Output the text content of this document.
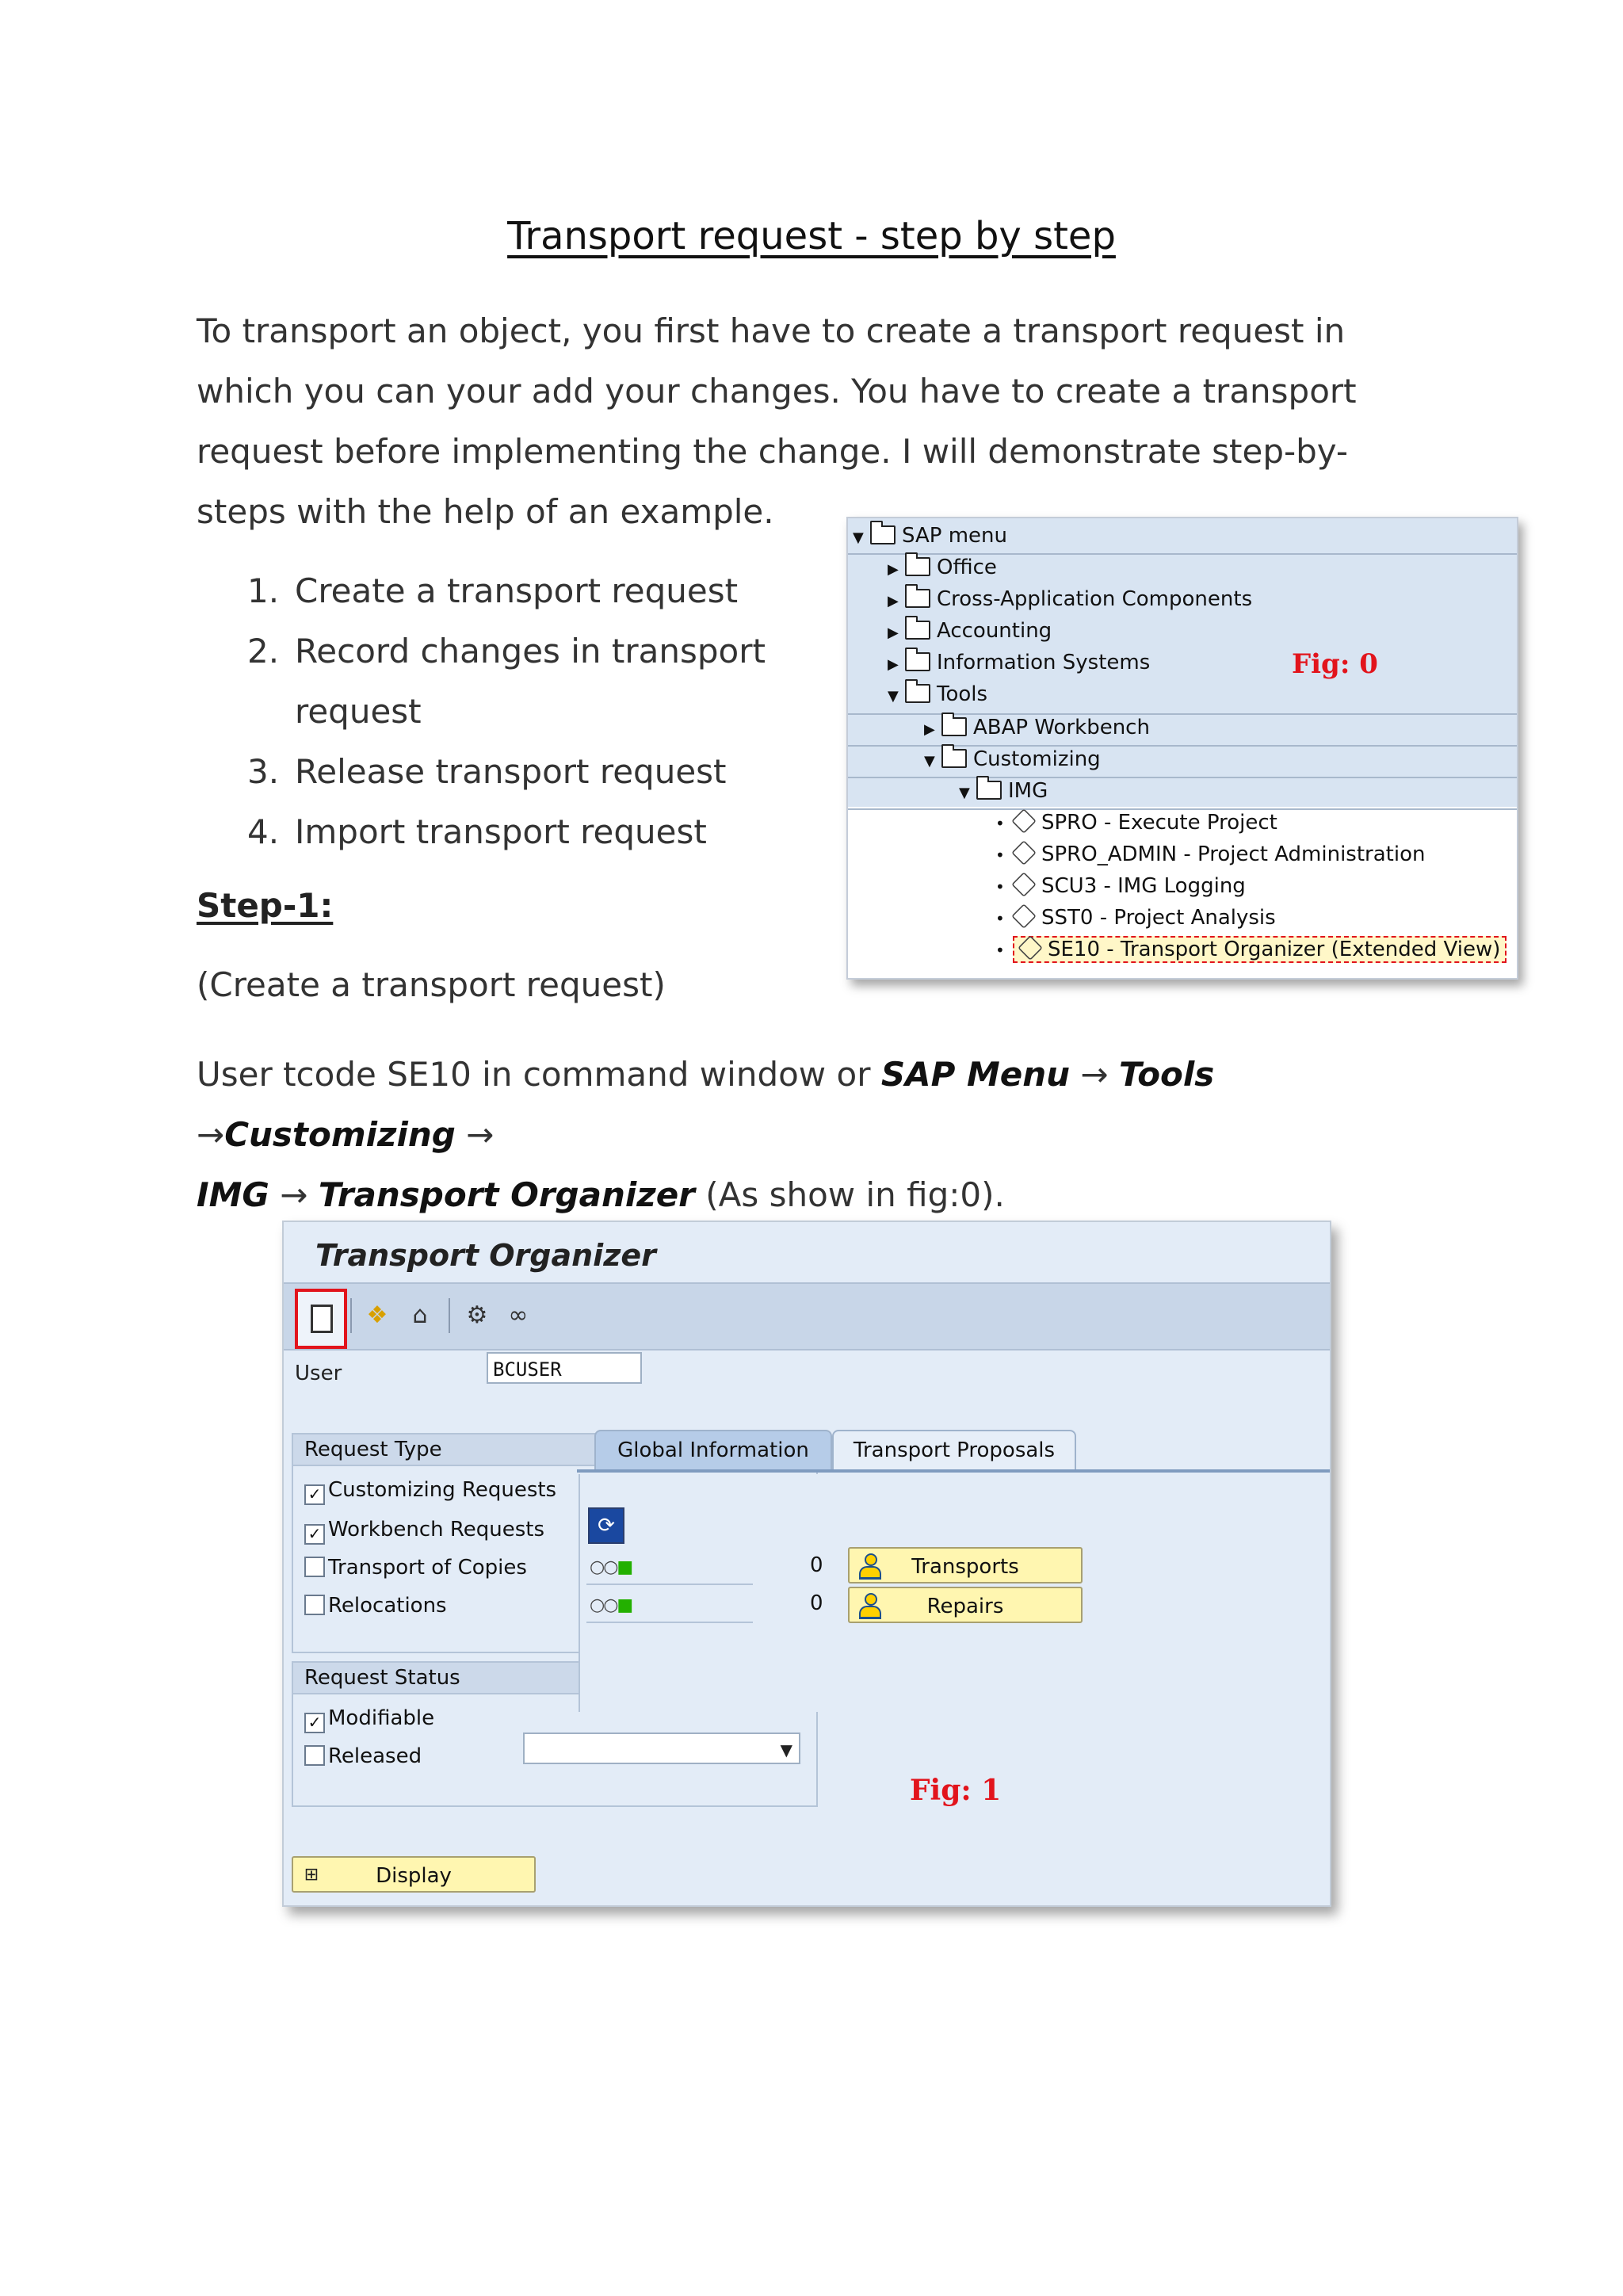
Transport request - step by step
To transport an object, you first have to create a transport request in which you can your add your changes. You have to create a transport request before implementing the change. I will demonstrate step-by-steps with the help of an example.
1. Create a transport request
2. Record changes in transport request
3. Release transport request
4. Import transport request
Step-1:
(Create a transport request)
User tcode SE10 in command window or SAP Menu → Tools →Customizing →
IMG → Transport Organizer (As show in fig:0).
▼ SAP menu
▶ Office
▶ Cross-Application Components
▶ Accounting
▶ Information Systems	Fig: 0
▼ Tools
▶ ABAP Workbench
▼ Customizing
▼ IMG
• SPRO - Execute Project
• SPRO_ADMIN - Project Administration
• SCU3 - IMG Logging
• SST0 - Project Analysis
• SE10 - Transport Organizer (Extended View)
Transport Organizer
❖	⌂	⚙ ∞
User	BCUSER
Request Type
✓ Customizing Requests
✓ Workbench Requests
Transport of Copies
Relocations
Request Status
✓ Modifiable
Released	▼
Global Information	Transport Proposals
⟳
○○■	0	Transports
○○■	0	Repairs
Fig: 1
⊞	Display
